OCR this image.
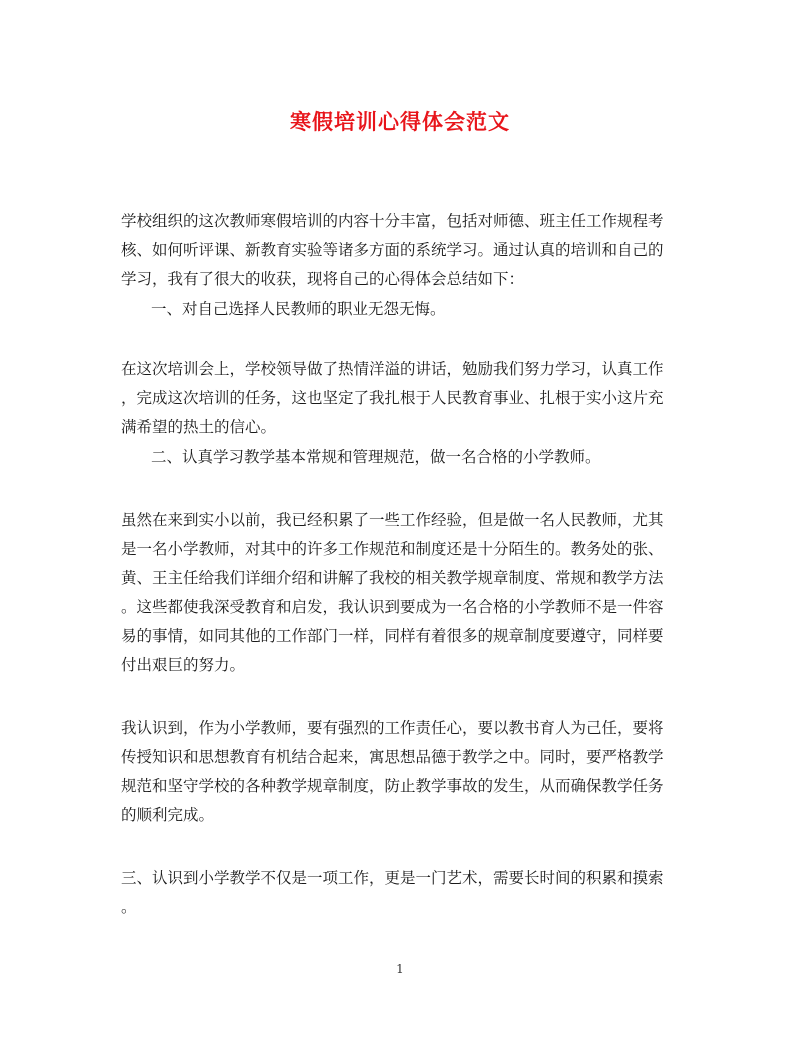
寒假培训心得体会范文
学校组织的这次教师寒假培训的内容十分丰富，包括对师德、班主任工作规程考
核、如何听评课、新教育实验等诸多方面的系统学习。通过认真的培训和自己的
学习，我有了很大的收获，现将自己的心得体会总结如下：
一、对自己选择人民教师的职业无怨无悔。
在这次培训会上，学校领导做了热情洋溢的讲话，勉励我们努力学习，认真工作
，完成这次培训的任务，这也坚定了我扎根于人民教育事业、扎根于实小这片充
满希望的热土的信心。
二、认真学习教学基本常规和管理规范，做一名合格的小学教师。
虽然在来到实小以前，我已经积累了一些工作经验，但是做一名人民教师，尤其
是一名小学教师，对其中的许多工作规范和制度还是十分陌生的。教务处的张、
黄、王主任给我们详细介绍和讲解了我校的相关教学规章制度、常规和教学方法
。这些都使我深受教育和启发，我认识到要成为一名合格的小学教师不是一件容
易的事情，如同其他的工作部门一样，同样有着很多的规章制度要遵守，同样要
付出艰巨的努力。
我认识到，作为小学教师，要有强烈的工作责任心，要以教书育人为己任，要将
传授知识和思想教育有机结合起来，寓思想品德于教学之中。同时，要严格教学
规范和坚守学校的各种教学规章制度，防止教学事故的发生，从而确保教学任务
的顺利完成。
三、认识到小学教学不仅是一项工作，更是一门艺术，需要长时间的积累和摸索
。
1
